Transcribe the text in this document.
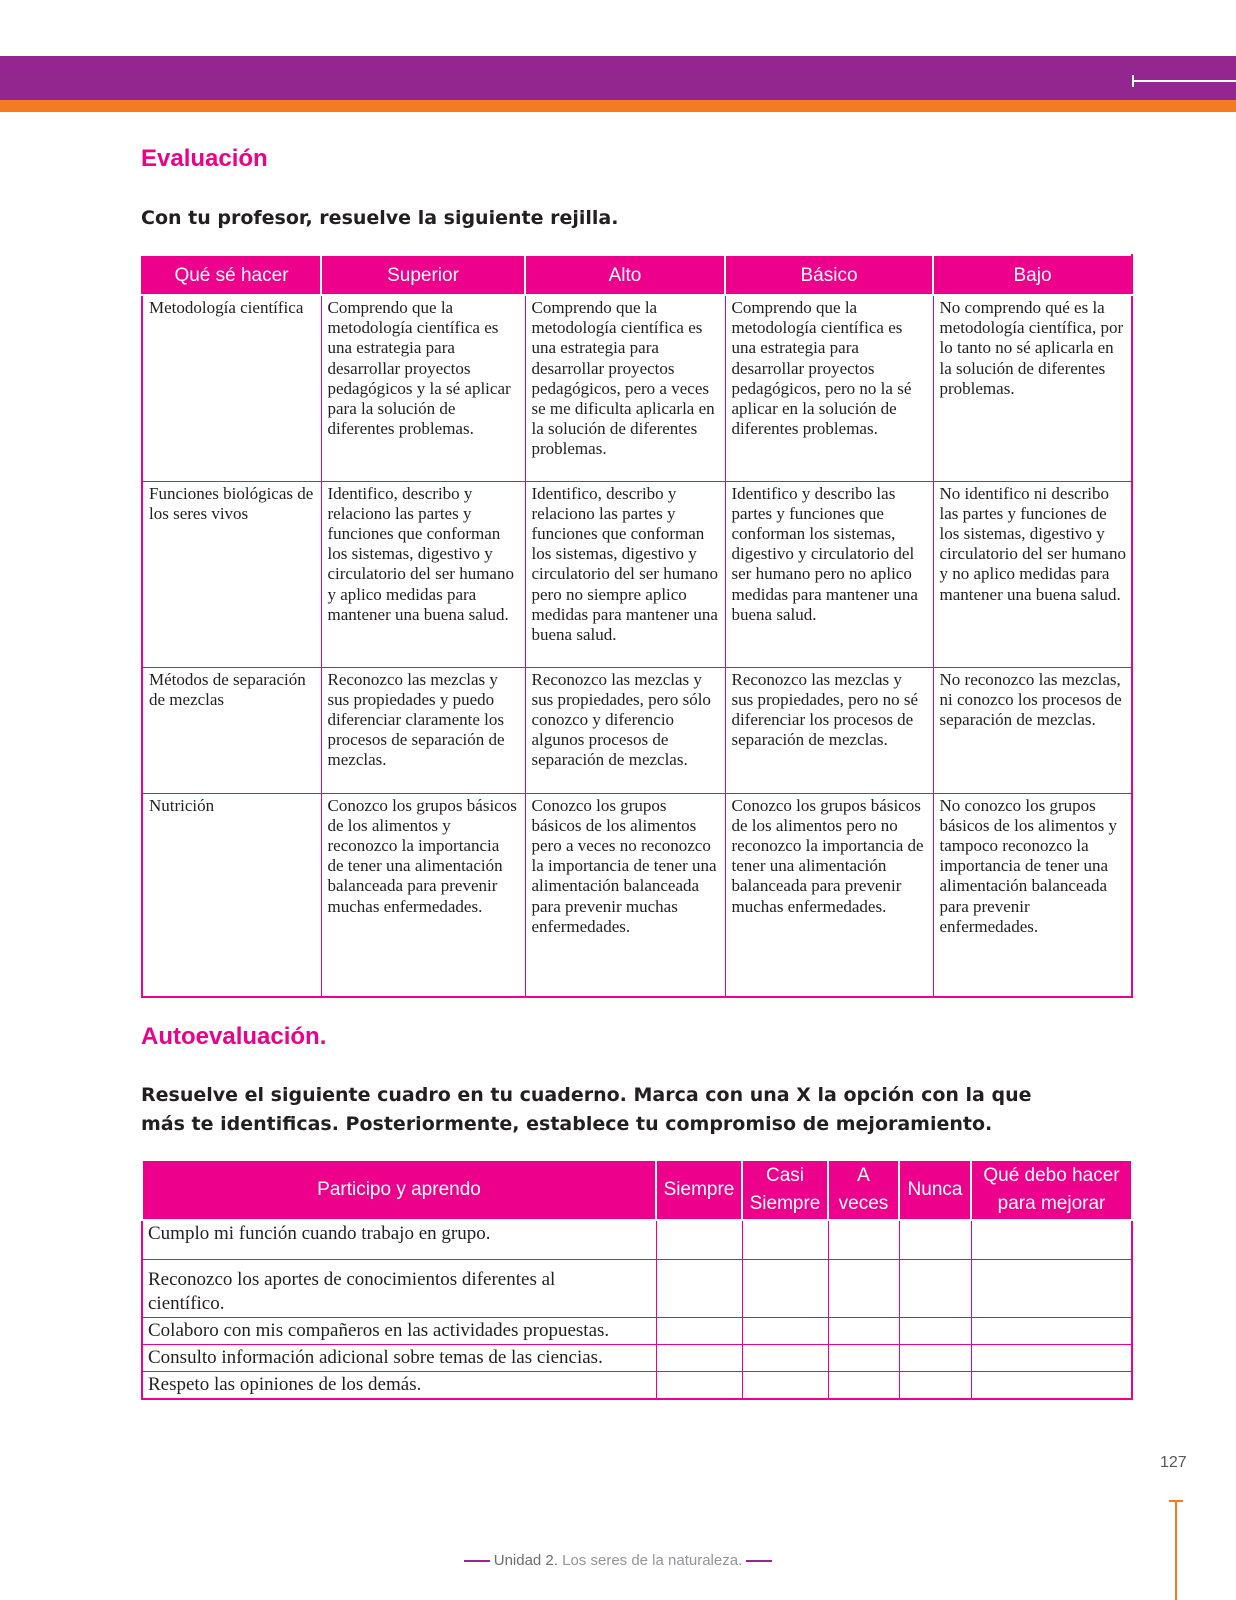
Evaluación

Con tu profesor, resuelve la siguiente rejilla.

Qué sé hacer	Superior	Alto	Básico	Bajo
Metodología científica	Comprendo que la metodología científica es una estrategia para desarrollar proyectos pedagógicos y la sé aplicar para la solución de diferentes problemas.	Comprendo que la metodología científica es una estrategia para desarrollar proyectos pedagógicos, pero a veces se me dificulta aplicarla en la solución de diferentes problemas.	Comprendo que la metodología científica es una estrategia para desarrollar proyectos pedagógicos, pero no la sé aplicar en la solución de diferentes problemas.	No comprendo qué es la metodología científica, por lo tanto no sé aplicarla en la solución de diferentes problemas.
Funciones biológicas de los seres vivos	Identifico, describo y relaciono las partes y funciones que conforman los sistemas, digestivo y circulatorio del ser humano y aplico medidas para mantener una buena salud.	Identifico, describo y relaciono las partes y funciones que conforman los sistemas, digestivo y circulatorio del ser humano pero no siempre aplico medidas para mantener una buena salud.	Identifico y describo las partes y funciones que conforman los sistemas, digestivo y circulatorio del ser humano pero no aplico medidas para mantener una buena salud.	No identifico ni describo las partes y funciones de los sistemas, digestivo y circulatorio del ser humano y no aplico medidas para mantener una buena salud.
Métodos de separación de mezclas	Reconozco las mezclas y sus propiedades y puedo diferenciar claramente los procesos de separación de mezclas.	Reconozco las mezclas y sus propiedades, pero sólo conozco y diferencio algunos procesos de separación de mezclas.	Reconozco las mezclas y sus propiedades, pero no sé diferenciar los procesos de separación de mezclas.	No reconozco las mezclas, ni conozco los procesos de separación de mezclas.
Nutrición	Conozco los grupos básicos de los alimentos y reconozco la importancia de tener una alimentación balanceada para prevenir muchas enfermedades.	Conozco los grupos básicos de los alimentos pero a veces no reconozco la importancia de tener una alimentación balanceada para prevenir muchas enfermedades.	Conozco los grupos básicos de los alimentos pero no reconozco la importancia de tener una alimentación balanceada para prevenir muchas enfermedades.	No conozco los grupos básicos de los alimentos y tampoco reconozco la importancia de tener una alimentación balanceada para prevenir enfermedades.
Autoevaluación.

Resuelve el siguiente cuadro en tu cuaderno. Marca con una X la opción con la que más te identificas. Posteriormente, establece tu compromiso de mejoramiento.

Participo y aprendo	Siempre	Casi Siempre	A veces	Nunca	Qué debo hacer para mejorar
Cumplo mi función cuando trabajo en grupo.					
Reconozco los aportes de conocimientos diferentes al científico.					
Colaboro con mis compañeros en las actividades propuestas.					
Consulto información adicional sobre temas de las ciencias.					
Respeto las opiniones de los demás.					
127
Unidad 2. Los seres de la naturaleza.
